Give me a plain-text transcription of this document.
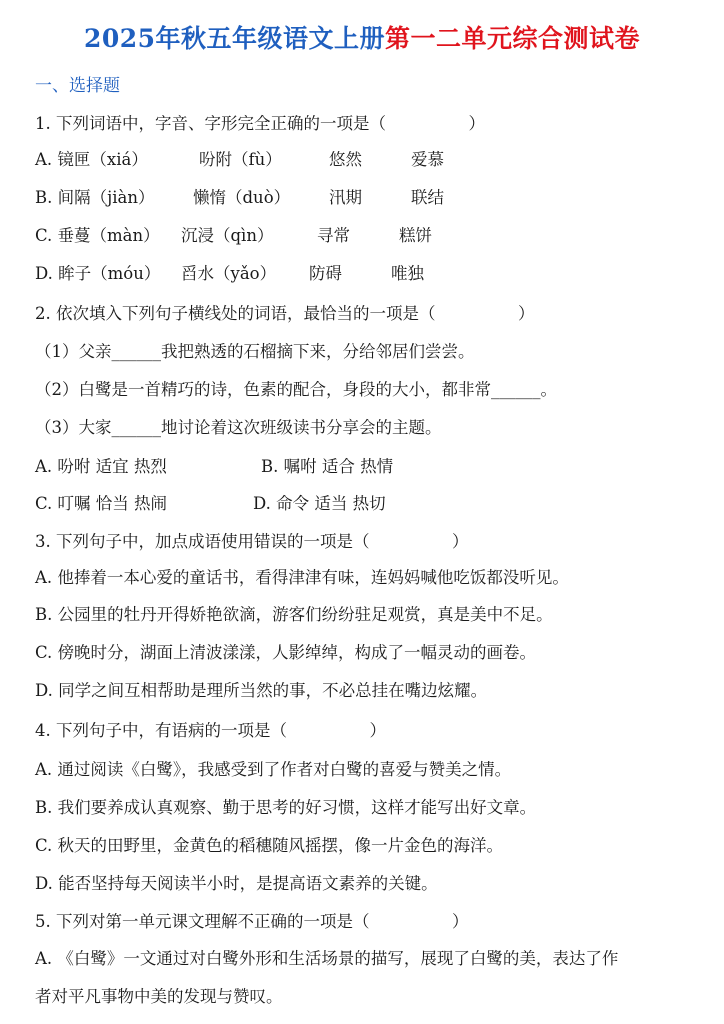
2025年秋五年级语文上册第一二单元综合测试卷
一、选择题
1. 下列词语中，字音、字形完全正确的一项是（　　　　　）
A. 镜匣（xiá）	吩附（fù）	悠然	爱慕
B. 间隔（jiàn） 懒惰（duò） 汛期	联结
C. 垂蔓（màn） 沉浸（qìn）	寻常	糕饼
D. 眸子（móu） 舀水（yǎo） 防碍	唯独
2. 依次填入下列句子横线处的词语，最恰当的一项是（　　　　　）
（1）父亲______我把熟透的石榴摘下来，分给邻居们尝尝。
（2）白鹭是一首精巧的诗，色素的配合，身段的大小，都非常______。
（3）大家______地讨论着这次班级读书分享会的主题。
A. 吩咐 适宜 热烈	B. 嘱咐 适合 热情
C. 叮嘱 恰当 热闹	D. 命令 适当 热切
3. 下列句子中，加点成语使用错误的一项是（　　　　　）
A. 他捧着一本心爱的童话书，看得津津有味，连妈妈喊他吃饭都没听见。
B. 公园里的牡丹开得娇艳欲滴，游客们纷纷驻足观赏，真是美中不足。
C. 傍晚时分，湖面上清波漾漾，人影绰绰，构成了一幅灵动的画卷。
D. 同学之间互相帮助是理所当然的事，不必总挂在嘴边炫耀。
4. 下列句子中，有语病的一项是（　　　　　）
A. 通过阅读《白鹭》，我感受到了作者对白鹭的喜爱与赞美之情。
B. 我们要养成认真观察、勤于思考的好习惯，这样才能写出好文章。
C. 秋天的田野里，金黄色的稻穗随风摇摆，像一片金色的海洋。
D. 能否坚持每天阅读半小时，是提高语文素养的关键。
5. 下列对第一单元课文理解不正确的一项是（　　　　　）
A. 《白鹭》一文通过对白鹭外形和生活场景的描写，展现了白鹭的美，表达了作
者对平凡事物中美的发现与赞叹。
